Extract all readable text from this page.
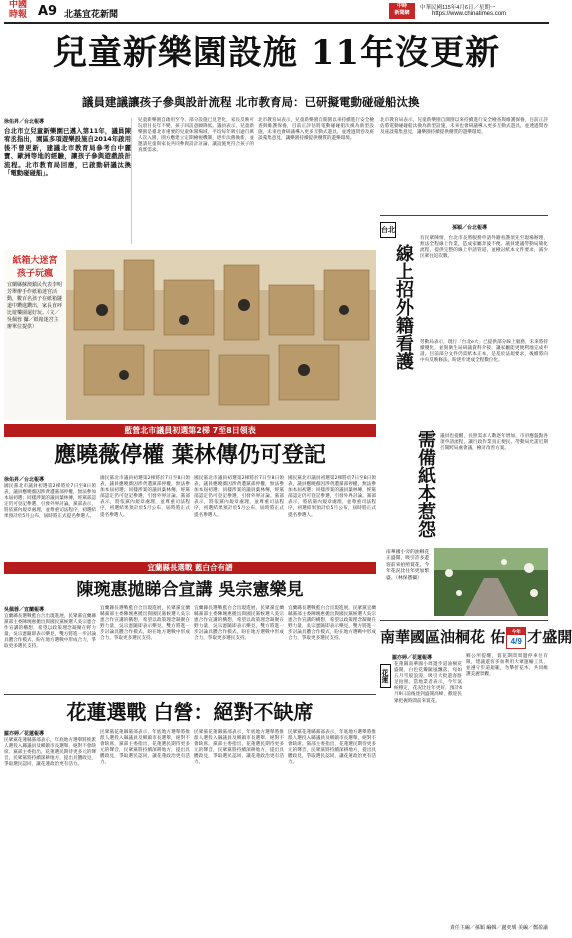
中國
時報 A9 北基宜花新聞
中時
新聞網
中華民國115年4月6日／星期一
https://www.chinatimes.com
兒童新樂園設施 11年沒更新
議員建議讓孩子參與設計流程 北市教育局：已研擬電動碰碰船汰換
徐佑昇／台北報導
台北市立兒童新樂園已邁入第11年，議員陳宥丞指出，園區多項遊樂設施自2014年啟用後不曾更新，建議北市教育局參考台中麗寶、歐洲等地的經驗，讓孩子參與遊戲設計流程。北市教育局回應，已啟動研議汰換「電動碰碰船」。
兒童新樂園自啟用至今，部分設施已見老化，家長反映可玩項目長年不變，孩子回訪意願降低。議員表示，兒童新樂園是臺北市重要的兒童休閒場域，平均每年吸引逾百萬人次入園，園方應建立定期檢視機制，逐步汰舊換新，並邀請兒童與家長共同參與設計討論，讓設施更符合孩子的真實需求。
北市教育局表示，兒童新樂園自開園以來持續進行安全檢查與維護保養，目前正評估將電動碰碰船汰換為新型設施，未來也會研議導入更多互動式遊具，並透過問卷及座談蒐集意見，讓樂園持續提供優質的遊樂環境。
紙箱大迷宮
孩子玩瘋
宜蘭縣蘇澳鎮民代表李明芳舉辦手作紙箱迷宮活動，數百名孩子在紙箱隧道中鑽進鑽出，家長直呼比遊樂園還好玩。（文／吳佩蓉 攝／紙箱迷宮主辦單位提供）
北市教育局表示，兒童新樂園自開園以來持續進行安全檢查與維護保養，目前正評估將電動碰碰船汰換為新型設施，未來也會研議導入更多互動式遊具，並透過問卷及座談蒐集意見，讓樂園持續提供優質的遊樂環境。
台北	孫穎／台北報導
線上招外籍看護
需備紙本惹怨
有民眾陳情，台北市長照服務申請外籍看護須先至現場辦理，無法全程線上作業，造成家屬奔波不便。議員建議勞動局簡化流程，提供完整的線上申請管道，並檢討紙本文件要求，減少民眾往返次數。
勞動局表示，現行「台北e大」已提供部分線上服務，未來將持續優化，並與衛生局研議資料介接，讓家屬能更便利地完成申請。目前部分文件仍需紙本正本，是基於法規要求，後續將向中央反映修法，盼逐步達成全程數位化。
議員也提醒，長照需求人數逐年增加，市府應盤點各項申請流程，讓行政作業真正便民。勞動局允諾近期召開跨局處會議，檢討改善方案。
南華國小旁的油桐花正盛開，吸引許多遊客前來拍照賞花，今年花況比往年更加繁盛。（林保寶攝）
藍營北市議員初選第2梯 7至8日領表
應曉薇停權 葉林傳仍可登記
徐佑昇／台北報導
國民黨北市議員初選第2梯將於7日至8日領表，議員應曉薇因涉貪遭黨部停權，無法參加本屆初選；同樣涉案的議員葉林傳，經黨部認定仍可登記參選，引發外界討論。黨部表示，將依黨內規章處理，並尊重司法程序，初選結果預計於5月公布，屆時將正式提名參選人。
國民黨北市議員初選第2梯將於7日至8日領表，議員應曉薇因涉貪遭黨部停權，無法參加本屆初選；同樣涉案的議員葉林傳，經黨部認定仍可登記參選，引發外界討論。黨部表示，將依黨內規章處理，並尊重司法程序，初選結果預計於5月公布，屆時將正式提名參選人。
國民黨北市議員初選第2梯將於7日至8日領表，議員應曉薇因涉貪遭黨部停權，無法參加本屆初選；同樣涉案的議員葉林傳，經黨部認定仍可登記參選，引發外界討論。黨部表示，將依黨內規章處理，並尊重司法程序，初選結果預計於5月公布，屆時將正式提名參選人。
國民黨北市議員初選第2梯將於7日至8日領表，議員應曉薇因涉貪遭黨部停權，無法參加本屆初選；同樣涉案的議員葉林傳，經黨部認定仍可登記參選，引發外界討論。黨部表示，將依黨內規章處理，並尊重司法程序，初選結果預計於5月公布，屆時將正式提名參選人。
宜蘭縣長選戰 藍白合有譜
陳琬惠拋睇合宣講 吳宗憲樂見
吳佩蓉／宜蘭報導
宜蘭縣長選戰藍白合出現進展，民眾黨宜蘭縣黨部主委陳琬惠拋出與國民黨候選人吳宗憲合作宣講的構想，希望以政策理念凝聚在野力量，吳宗憲隨即表示樂見，雙方將進一步討論具體合作模式，盼在地方選戰中形成合力，爭取更多選民支持。
宜蘭縣長選戰藍白合出現進展，民眾黨宜蘭縣黨部主委陳琬惠拋出與國民黨候選人吳宗憲合作宣講的構想，希望以政策理念凝聚在野力量，吳宗憲隨即表示樂見，雙方將進一步討論具體合作模式，盼在地方選戰中形成合力，爭取更多選民支持。
宜蘭縣長選戰藍白合出現進展，民眾黨宜蘭縣黨部主委陳琬惠拋出與國民黨候選人吳宗憲合作宣講的構想，希望以政策理念凝聚在野力量，吳宗憲隨即表示樂見，雙方將進一步討論具體合作模式，盼在地方選戰中形成合力，爭取更多選民支持。
宜蘭縣長選戰藍白合出現進展，民眾黨宜蘭縣黨部主委陳琬惠拋出與國民黨候選人吳宗憲合作宣講的構想，希望以政策理念凝聚在野力量，吳宗憲隨即表示樂見，雙方將進一步討論具體合作模式，盼在地方選戰中形成合力，爭取更多選民支持。
花蓮選戰 白營：絕對不缺席
羅亦婷／花蓮報導
民眾黨花蓮縣黨部表示，年底地方選舉將推派人選投入縣議員及鄉鎮市長選舉，絕對不會缺席。黨部主委指出，花蓮選民期待更多元的聲音，民眾黨將持續深耕地方，提出具體政見，爭取選民認同，讓花蓮政治更有活力。
民眾黨花蓮縣黨部表示，年底地方選舉將推派人選投入縣議員及鄉鎮市長選舉，絕對不會缺席。黨部主委指出，花蓮選民期待更多元的聲音，民眾黨將持續深耕地方，提出具體政見，爭取選民認同，讓花蓮政治更有活力。
民眾黨花蓮縣黨部表示，年底地方選舉將推派人選投入縣議員及鄉鎮市長選舉，絕對不會缺席。黨部主委指出，花蓮選民期待更多元的聲音，民眾黨將持續深耕地方，提出具體政見，爭取選民認同，讓花蓮政治更有活力。
民眾黨花蓮縣黨部表示，年底地方選舉將推派人選投入縣議員及鄉鎮市長選舉，絕對不會缺席。黨部主委指出，花蓮選民期待更多元的聲音，民眾黨將持續深耕地方，提出具體政見，爭取選民認同，讓花蓮政治更有活力。
南華國區油桐花 佑	今年
4/9 才盛開
羅亦婷／花蓮報導
花蓮
花蓮縣南華國小周邊步道油桐花盛開，白色花瓣隨風飄落，宛如五月雪般浪漫，吸引大批遊客駐足拍照。當地業者表示，今年氣候穩定，花況比往年更好，預計4月9日前後達到盛開高峰，歡迎民眾把握時間前來賞花。
鄉公所提醒，賞花期間周邊停車位有限，建議遊客多加利用大眾運輸工具，並遵守步道規範，勿攀折花木，共同維護美麗景觀。
責任主編／孫穎 編輯／盧奕瑀 美編／鄭盈諭
